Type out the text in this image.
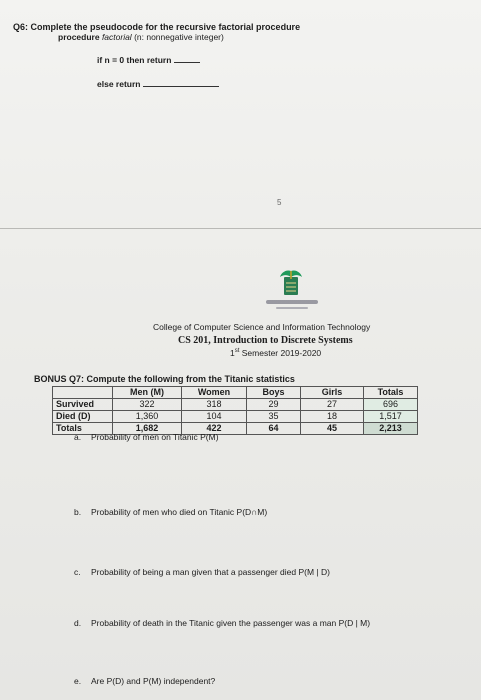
Q6: Complete the pseudocode for the recursive factorial procedure
procedure factorial (n: nonnegative integer)
if n = 0 then return
else return
5
College of Computer Science and Information Technology
CS 201, Introduction to Discrete Systems
1st Semester 2019-2020
BONUS Q7: Compute the following from the Titanic statistics
	Men (M)	Women	Boys	Girls	Totals
Survived	322	318	29	27	696
Died (D)	1,360	104	35	18	1,517
Totals	1,682	422	64	45	2,213
a. Probability of men on Titanic P(M)
b. Probability of men who died on Titanic P(D∩M)
c. Probability of being a man given that a passenger died P(M | D)
d. Probability of death in the Titanic given the passenger was a man P(D | M)
e. Are P(D) and P(M) independent?
